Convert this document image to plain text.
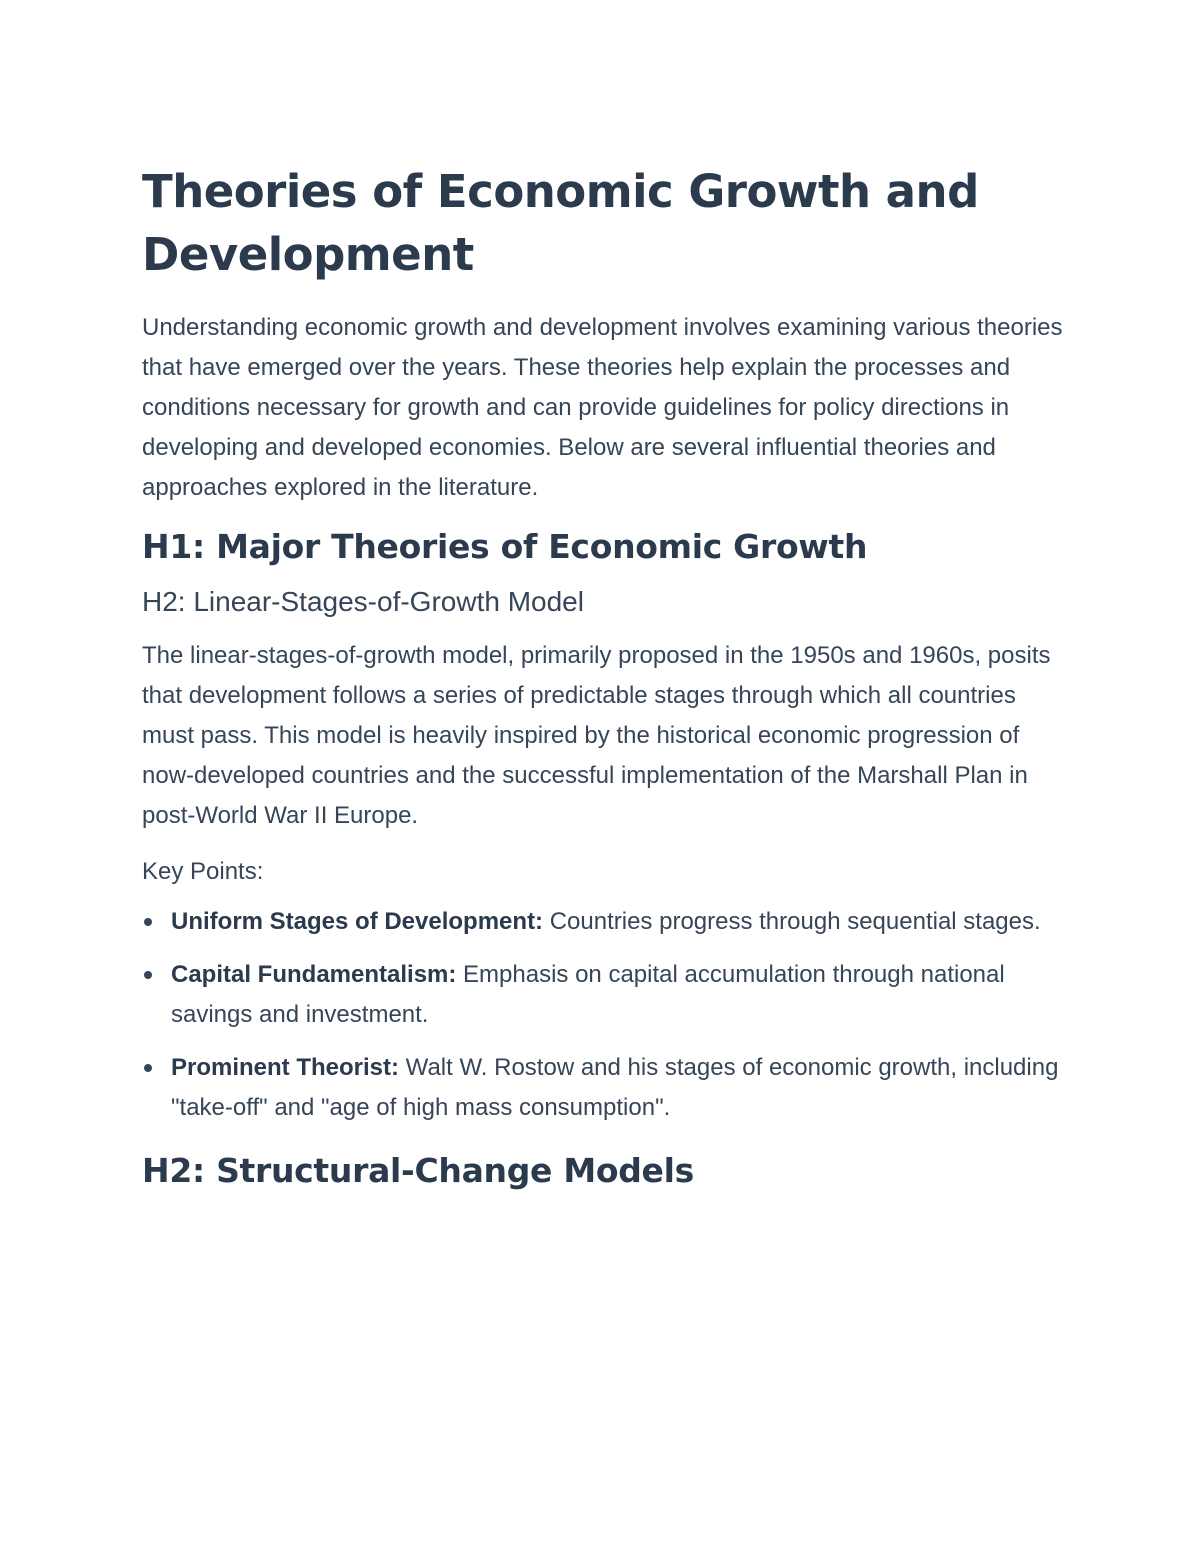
Theories of Economic Growth and Development

Understanding economic growth and development involves examining various theories that have emerged over the years. These theories help explain the processes and conditions necessary for growth and can provide guidelines for policy directions in developing and developed economies. Below are several influential theories and approaches explored in the literature.

H1: Major Theories of Economic Growth
H2: Linear-Stages-of-Growth Model

The linear-stages-of-growth model, primarily proposed in the 1950s and 1960s, posits that development follows a series of predictable stages through which all countries must pass. This model is heavily inspired by the historical economic progression of now-developed countries and the successful implementation of the Marshall Plan in post-World War II Europe.

Key Points:

Uniform Stages of Development: Countries progress through sequential stages.
Capital Fundamentalism: Emphasis on capital accumulation through national savings and investment.
Prominent Theorist: Walt W. Rostow and his stages of economic growth, including "take-off" and "age of high mass consumption".
H2: Structural-Change Models
